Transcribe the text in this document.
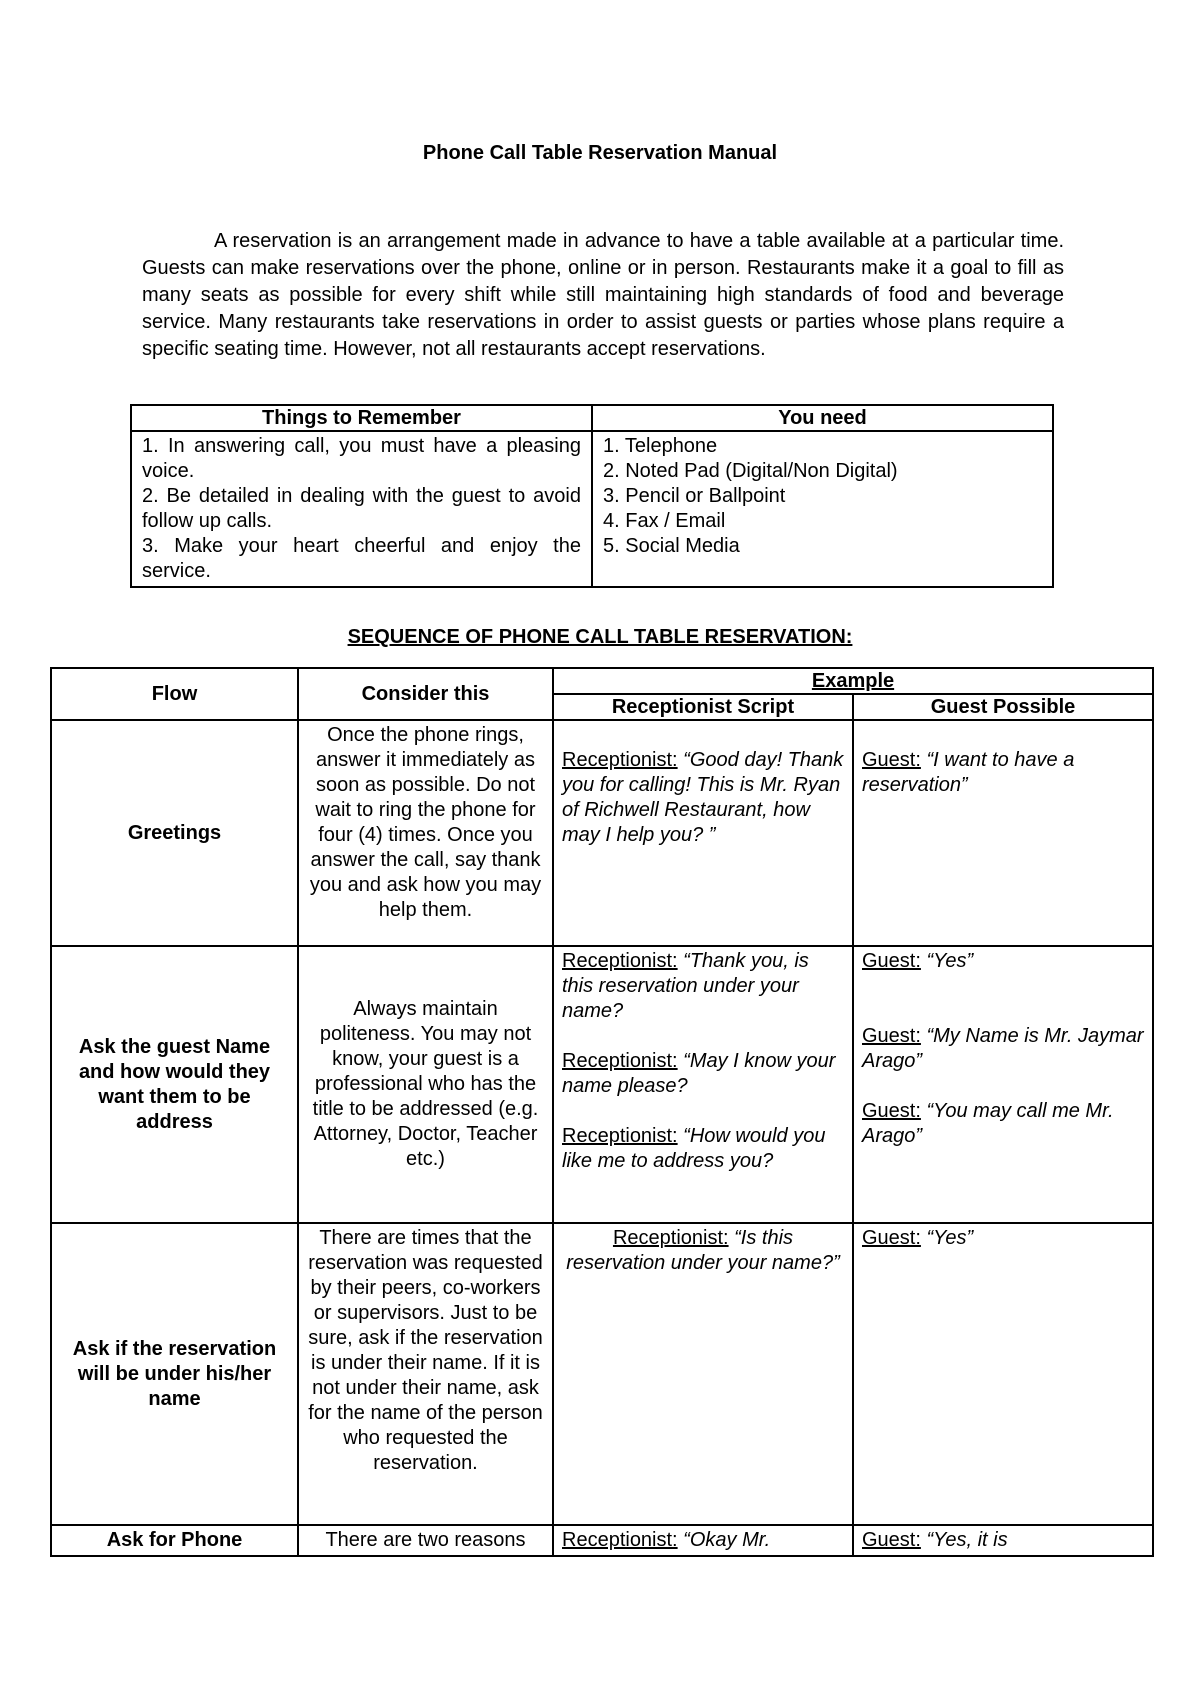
Phone Call Table Reservation Manual

A reservation is an arrangement made in advance to have a table available at a particular time. Guests can make reservations over the phone, online or in person. Restaurants make it a goal to fill as many seats as possible for every shift while still maintaining high standards of food and beverage service. Many restaurants take reservations in order to assist guests or parties whose plans require a specific seating time. However, not all restaurants accept reservations.

Things to Remember	You need

1. In answering call, you must have a pleasing voice.
2. Be detailed in dealing with the guest to avoid follow up calls.
3. Make your heart cheerful and enjoy the service.	1. Telephone
2. Noted Pad (Digital/Non Digital)
3. Pencil or Ballpoint
4. Fax / Email
5. Social Media
SEQUENCE OF PHONE CALL TABLE RESERVATION:
Flow	Consider this	Example	
		Receptionist Script	Guest Possible
Greetings	Once the phone rings, answer it immediately as soon as possible. Do not wait to ring the phone for four (4) times. Once you answer the call, say thank you and ask how you may help them.	Receptionist: “Good day! Thank you for calling! This is Mr. Ryan of Richwell Restaurant, how may I help you? ”	Guest: “I want to have a reservation”

Ask the guest Name and how would they want them to be address	Always maintain politeness. You may not know, your guest is a professional who has the title to be addressed (e.g. Attorney, Doctor, Teacher etc.)	Receptionist: “Thank you, is this reservation under your name?
Receptionist: “May I know your name please?
Receptionist: “How would you like me to address you?	Guest: “Yes”
Guest: “My Name is Mr. Jaymar Arago”
Guest: “You may call me Mr. Arago”

Ask if the reservation will be under his/her name	There are times that the reservation was requested by their peers, co-workers or supervisors. Just to be sure, ask if the reservation is under their name. If it is not under their name, ask for the name of the person who requested the reservation.	Receptionist: “Is this reservation under your name?”	Guest: “Yes”

Ask for Phone	There are two reasons	Receptionist: “Okay Mr.	Guest: “Yes, it is
